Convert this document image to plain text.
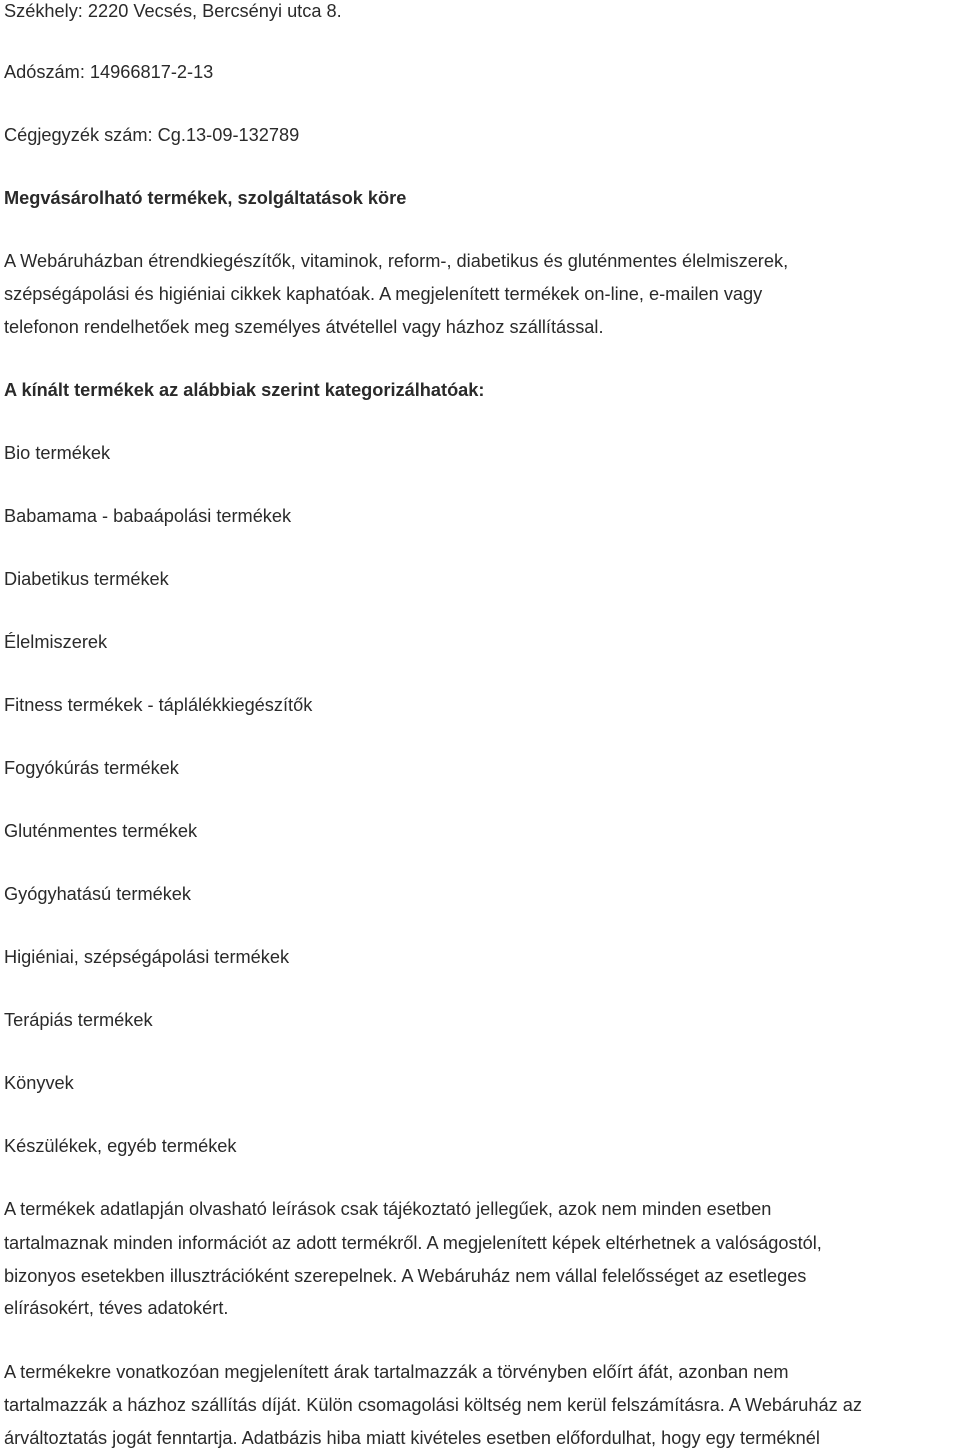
Székhely: 2220 Vecsés, Bercsényi utca 8.
Adószám: 14966817-2-13
Cégjegyzék szám: Cg.13-09-132789
Megvásárolható termékek, szolgáltatások köre
A Webáruházban étrendkiegészítők, vitaminok, reform-, diabetikus és gluténmentes élelmiszerek,
szépségápolási és higiéniai cikkek kaphatóak. A megjelenített termékek on-line, e-mailen vagy
telefonon rendelhetőek meg személyes átvétellel vagy házhoz szállítással.
A kínált termékek az alábbiak szerint kategorizálhatóak:
Bio termékek
Babamama - babaápolási termékek
Diabetikus termékek
Élelmiszerek
Fitness termékek - táplálékkiegészítők
Fogyókúrás termékek
Gluténmentes termékek
Gyógyhatású termékek
Higiéniai, szépségápolási termékek
Terápiás termékek
Könyvek
Készülékek, egyéb termékek
A termékek adatlapján olvasható leírások csak tájékoztató jellegűek, azok nem minden esetben
tartalmaznak minden információt az adott termékről. A megjelenített képek eltérhetnek a valóságostól,
bizonyos esetekben illusztrációként szerepelnek. A Webáruház nem vállal felelősséget az esetleges
elírásokért, téves adatokért.
A termékekre vonatkozóan megjelenített árak tartalmazzák a törvényben előírt áfát, azonban nem
tartalmazzák a házhoz szállítás díját. Külön csomagolási költség nem kerül felszámításra. A Webáruház az
árváltoztatás jogát fenntartja. Adatbázis hiba miatt kivételes esetben előfordulhat, hogy egy terméknél
